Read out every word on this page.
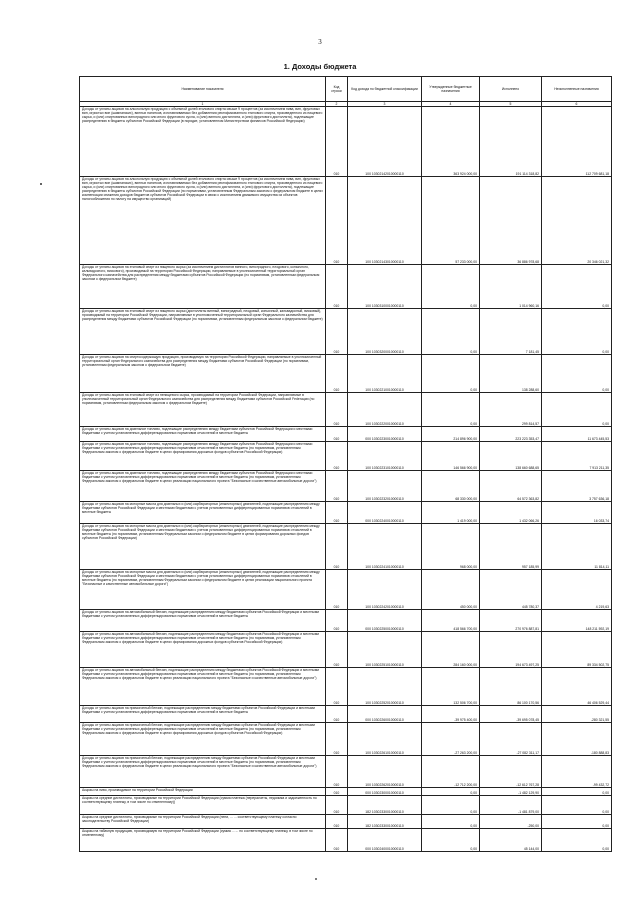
3
1. Доходы бюджета
Наименование показателя	Код строки	Код дохода по бюджетной классификации	Утвержденные бюджетные назначения	Исполнено	Неисполненные назначения
1	2	3	4	5	6
Доходы от уплаты акцизов на алкогольную продукцию с объемной долей этилового спирта свыше 9 процентов (за исключением пива, вин, фруктовых вин, игристых вин (шампанских), винных напитков, изготавливаемых без добавления ректификованного этилового спирта, произведенного из пищевого сырья, и (или) спиртованных виноградного или иного фруктового сусла, и (или) винного дистиллята, и (или) фруктового дистиллята), подлежащие распределению в бюджеты субъектов Российской Федерации (в порядке, установленном Министерством финансов Российской Федерации)	010	100 10302142010000110	363 924 000,00	191 114 318,82	112 709 681,18
Доходы от уплаты акцизов на алкогольную продукцию с объемной долей этилового спирта свыше 9 процентов (за исключением пива, вин, фруктовых вин, игристых вин (шампанских), винных напитков, изготавливаемых без добавления ректификованного этилового спирта, произведенного из пищевого сырья, и (или) спиртованных виноградного или иного фруктового сусла, и (или) винного дистиллята, и (или) фруктового дистиллята), подлежащие распределению в бюджеты субъектов Российской Федерации (по нормативам, установленным Федеральным законом о федеральном бюджете в целях компенсации снижения доходов бюджетов субъектов Российской Федерации в связи с исключением движимого имущества из объектов налогообложения по налогу на имущество организаций)	010	100 10302143010000110	57 233 000,00	36 886 978,68	20 346 021,32
Доходы от уплаты акцизов на этиловый спирт из пищевого сырья (за исключением дистиллятов винного, виноградного, плодового, коньячного, кальвадосного, вискового), производимый на территории Российской Федерации, направляемые в уполномоченный территориальный орган Федерального казначейства для распределения между бюджетами субъектов Российской Федерации (по нормативам, установленным федеральным законом о федеральном бюджете)	010	100 10303100010000110	0,00	1 014 960,16	0,00
Доходы от уплаты акцизов на этиловый спирт из пищевого сырья (дистилляты винный, виноградный, плодовый, коньячный, кальвадосный, висковый), производимый на территории Российской Федерации, направляемые в уполномоченный территориальный орган Федерального казначейства для распределения между бюджетами субъектов Российской Федерации (по нормативам, установленным федеральным законом о федеральном бюджете)	010	100 10303200010000110	0,00	7 181,45	0,00
Доходы от уплаты акцизов на спиртосодержащую продукцию, производимую на территории Российской Федерации, направляемые в уполномоченный территориальный орган Федерального казначейства для распределения между бюджетами субъектов Российской Федерации (по нормативам, установленным федеральным законом о федеральном бюджете)	010	100 10302210010000110	0,00	138 288,60	0,00
Доходы от уплаты акцизов на этиловый спирт из непищевого сырья, производимый на территории Российской Федерации, направляемые в уполномоченный территориальный орган Федерального казначейства для распределения между бюджетами субъектов Российской Federации (по нормативам, установленным федеральным законом о федеральном бюджете)	010	100 10302220010000110	0,00	299 814,57	0,00
Доходы от уплаты акцизов на дизельное топливо, подлежащие распределению между бюджетами субъектов Российской Федерации и местными бюджетами с учетом установленных дифференцированных нормативов отчислений в местные бюджеты	010	000 10302230010000110	214 896 900,00	223 223 353,47	11 673 445,53
Доходы от уплаты акцизов на дизельное топливо, подлежащие распределению между бюджетами субъектов Российской Федерации и местными бюджетами с учетом установленных дифференцированных нормативов отчислений в местные бюджеты (по нормативам, установленным Федеральным законом о федеральном бюджете в целях формирования дорожных фондов субъектов Российской Федерации)	010	100 10302231010000110	146 566 900,00	138 660 688,65	7 913 211,35
Доходы от уплаты акцизов на дизельное топливо, подлежащие распределению между бюджетами субъектов Российской Федерации и местными бюджетами с учетом установленных дифференцированных нормативов отчислений в местные бюджеты (по нормативам, установленным Федеральным законом о федеральном бюджете в целях реализации национального проекта "Безопасные и качественные автомобильные дороги")	010	100 10302232010000110	68 330 000,00	64 572 363,82	3 757 636,18
Доходы от уплаты акцизов на моторные масла для дизельных и (или) карбюраторных (инжекторных) двигателей, подлежащие распределению между бюджетами субъектов Российской Федерации и местными бюджетами с учетом установленных дифференцированных нормативов отчислений в местные бюджеты	010	000 10302240010000110	1 419 000,00	1 432 066,26	16 033,74
Доходы от уплаты акцизов на моторные масла для дизельных и (или) карбюраторных (инжекторных) двигателей, подлежащие распределению между бюджетами субъектов Российской Федерации и местными бюджетами с учетом установленных дифференцированных нормативов отчислений в местные бюджеты (по нормативам, установленным Федеральным законом о федеральном бюджете в целях формирования дорожных фондов субъектов Российской Федерации)	010	100 10302241010000110	968 000,00	957 185,99	11 814,11
Доходы от уплаты акцизов на моторные масла для дизельных и (или) карбюраторных (инжекторных) двигателей, подлежащие распределению между бюджетами субъектов Российской Федерации и местными бюджетами с учетом установленных дифференцированных нормативов отчислений в местные бюджеты (по нормативам, установленным Федеральным законом о федеральном бюджете в целях реализации национального проекта "Безопасные и качественные автомобильные дороги")	010	100 10302242010000110	450 000,00	445 780,37	4 219,63
Доходы от уплаты акцизов на автомобильный бензин, подлежащие распределению между бюджетами субъектов Российской Федерации и местными бюджетами с учетом установленных дифференцированных нормативов отчислений в местные бюджеты	010	000 10302250010000110	418 566 700,00	270 976 887,81	148 211 592,19
Доходы от уплаты акцизов на автомобильный бензин, подлежащие распределению между бюджетами субъектов Российской Федерации и местными бюджетами с учетом установленных дифференцированных нормативов отчислений в местные бюджеты (по нормативам, установленным Федеральным законом о федеральном бюджете в целях формирования дорожных фондов субъектов Российской Федерации)	010	100 10302251010000110	284 160 000,00	194 673 497,25	89 334 502,75
Доходы от уплаты акцизов на автомобильный бензин, подлежащие распределению между бюджетами субъектов Российской Федерации и местными бюджетами с учетом установленных дифференцированных нормативов отчислений в местные бюджеты (по нормативам, установленным Федеральным законом о федеральном бюджете в целях реализации национального проекта "Безопасные и качественные автомобильные дороги")	010	100 10302252010000110	132 506 700,00	86 100 170,56	46 406 529,44
Доходы от уплаты акцизов на прямогонный бензин, подлежащие распределению между бюджетами субъектов Российской Федерации и местными бюджетами с учетом установленных дифференцированных нормативов отчислений в местные бюджеты	010	000 10302260010000110	-39 975 400,00	-39 695 078,45	-280 321,55
Доходы от уплаты акцизов на прямогонный бензин, подлежащие распределению между бюджетами субъектов Российской Федерации и местными бюджетами с учетом установленных дифференцированных нормативов отчислений в местные бюджеты (по нормативам, установленным Федеральным законом о федеральном бюджете в целях формирования дорожных фондов субъектов Российской Федерации)	010	100 10302261010000110	-27 263 200,00	-27 082 311,17	-180 888,83
Доходы от уплаты акцизов на прямогонный бензин, подлежащие распределению между бюджетами субъектов Российской Федерации и местными бюджетами с учетом установленных дифференцированных нормативов отчислений в местные бюджеты (по нормативам, установленным Федеральным законом о федеральном бюджете в целях реализации национального проекта "Безопасные и качественные автомобильные дороги")	010	100 10302262010000110	-12 712 200,00	-12 612 767,28	-99 432,72
Акцизы на пиво, производимое на территории Российской Федерации	010	000 10302300010000110	0,00	-1 482 129,90	0,00
Акцизы на средние дистилляты, производимые на территории Российской Федерации (сумма платежа (перерасчеты, недоимка и задолженность по соответствующему платежу, в том числе по отмененному))	010	182 10302330010000110	0,00	-1 481 879,00	0,00
Акцизы на средние дистилляты, производимые на территории Российской Федерации (пени, ... ... соответствующему платежу согласно законодательству Российской Федерации)	010	182 10302330010000110	0,00	-250,00	0,00
Акцизы на табачную продукцию, производимую на территории Российской Федерации (сумма ... ... по соответствующему платежу, в том числе по отмененному)	010	000 10302400010000110	0,00	45 144,00	0,00
